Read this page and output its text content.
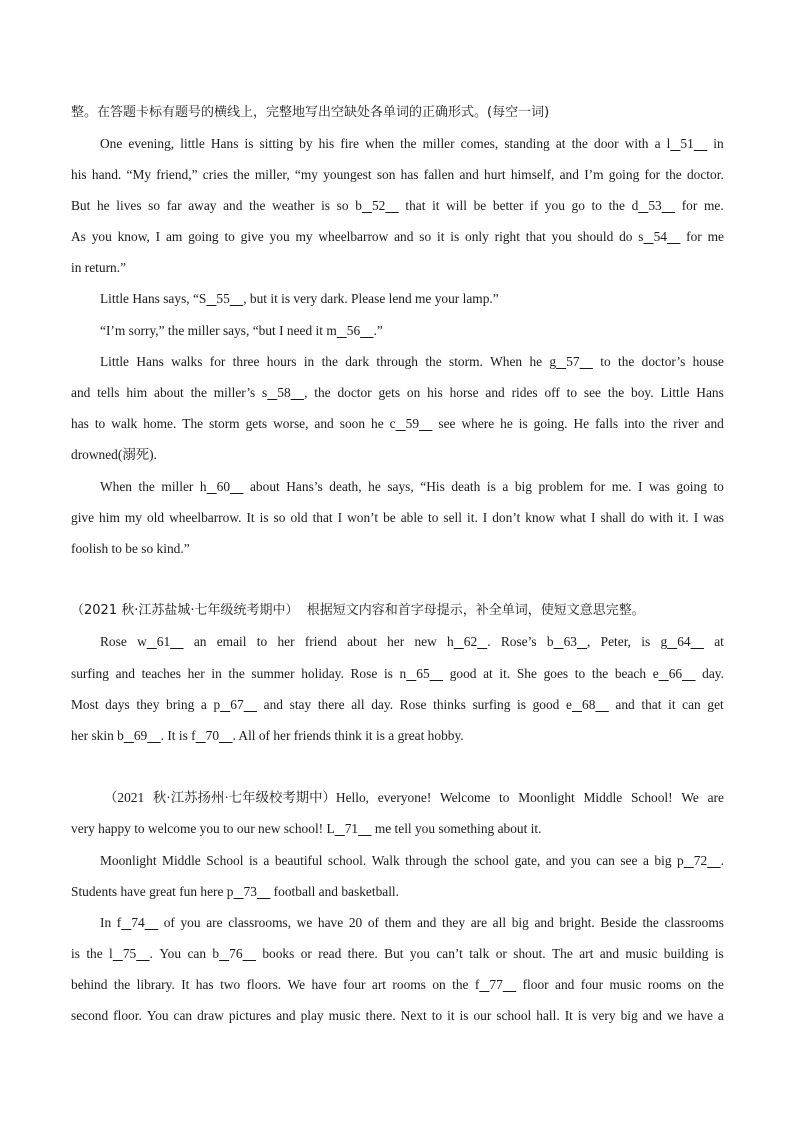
整。在答题卡标有题号的横线上，完整地写出空缺处各单词的正确形式。(每空一词)
One evening, little Hans is sitting by his fire when the miller comes, standing at the door with a l 51	in
his hand. “My friend,” cries the miller, “my youngest son has fallen and hurt himself, and I’m going for the doctor.
But he lives so far away and the weather is so b 52	that it will be better if you go to the d 53	for me.
As you know, I am going to give you my wheelbarrow and so it is only right that you should do s 54	for me
in return.”
Little Hans says, “S 55 , but it is very dark. Please lend me your lamp.”
“I’m sorry,” the miller says, “but I need it m 56 .”
Little Hans walks for three hours in the dark through the storm. When he g 57	to the doctor’s house
and tells him about the miller’s s 58 , the doctor gets on his horse and rides off to see the boy. Little Hans
has to walk home. The storm gets worse, and soon he c 59	see where he is going. He falls into the river and
drowned(溺死).
When the miller h 60	about Hans’s death, he says, “His death is a big problem for me. I was going to
give him my old wheelbarrow. It is so old that I won’t be able to sell it. I don’t know what I shall do with it. I was
foolish to be so kind.”
（2021 秋·江苏盐城·七年级统考期中）  根据短文内容和首字母提示，补全单词，使短文意思完整。
Rose w 61	an email to her friend about her new h 62 . Rose’s b 63 , Peter, is g 64	at
surfing and teaches her in the summer holiday. Rose is n 65	good at it. She goes to the beach e 66	day.
Most days they bring a p 67	and stay there all day. Rose thinks surfing is good e 68	and that it can get
her skin b 69 . It is f 70 . All of her friends think it is a great hobby.
（2021 秋·江苏扬州·七年级校考期中）Hello, everyone! Welcome to Moonlight Middle School! We are
very happy to welcome you to our new school! L 71     me tell you something about it.
Moonlight Middle School is a beautiful school. Walk through the school gate, and you can see a big p 72 .
Students have great fun here p 73     football and basketball.
In f 74	of you are classrooms, we have 20 of them and they are all big and bright. Beside the classrooms
is the l 75 . You can b 76	books or read there. But you can’t talk or shout. The art and music building is
behind the library. It has two floors. We have four art rooms on the f 77	floor and four music rooms on the
second floor. You can draw pictures and play music there. Next to it is our school hall. It is very big and we have a
